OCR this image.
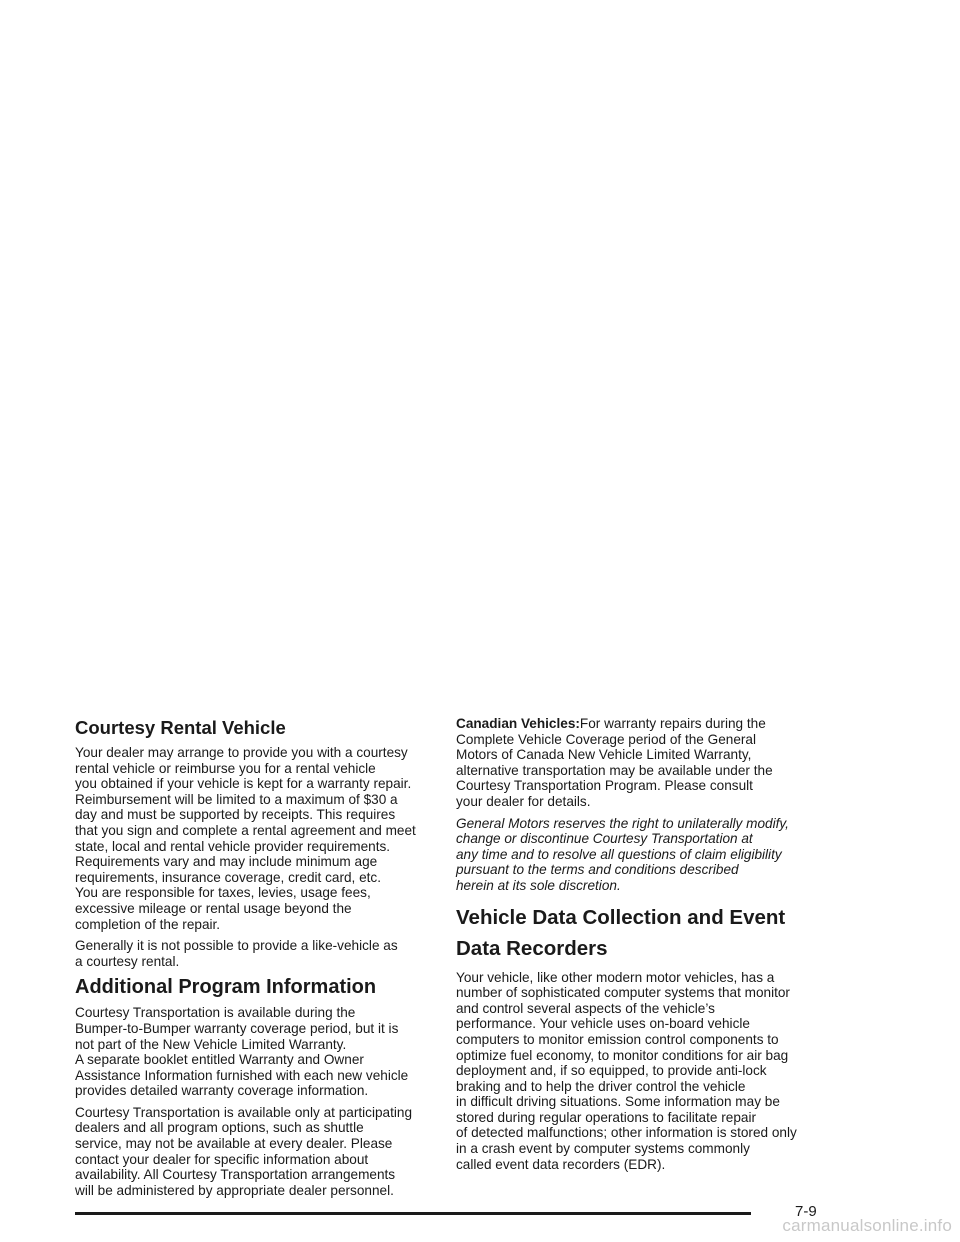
Courtesy Rental Vehicle

Your dealer may arrange to provide you with a courtesy
rental vehicle or reimburse you for a rental vehicle
you obtained if your vehicle is kept for a warranty repair.
Reimbursement will be limited to a maximum of $30 a
day and must be supported by receipts. This requires
that you sign and complete a rental agreement and meet
state, local and rental vehicle provider requirements.
Requirements vary and may include minimum age
requirements, insurance coverage, credit card, etc.
You are responsible for taxes, levies, usage fees,
excessive mileage or rental usage beyond the
completion of the repair.

Generally it is not possible to provide a like-vehicle as
a courtesy rental.

Additional Program Information

Courtesy Transportation is available during the
Bumper-to-Bumper warranty coverage period, but it is
not part of the New Vehicle Limited Warranty.
A separate booklet entitled Warranty and Owner
Assistance Information furnished with each new vehicle
provides detailed warranty coverage information.

Courtesy Transportation is available only at participating
dealers and all program options, such as shuttle
service, may not be available at every dealer. Please
contact your dealer for specific information about
availability. All Courtesy Transportation arrangements
will be administered by appropriate dealer personnel.

Canadian Vehicles:For warranty repairs during the
Complete Vehicle Coverage period of the General
Motors of Canada New Vehicle Limited Warranty,
alternative transportation may be available under the
Courtesy Transportation Program. Please consult
your dealer for details.

General Motors reserves the right to unilaterally modify,
change or discontinue Courtesy Transportation at
any time and to resolve all questions of claim eligibility
pursuant to the terms and conditions described
herein at its sole discretion.

Vehicle Data Collection and Event
Data Recorders

Your vehicle, like other modern motor vehicles, has a
number of sophisticated computer systems that monitor
and control several aspects of the vehicle’s
performance. Your vehicle uses on-board vehicle
computers to monitor emission control components to
optimize fuel economy, to monitor conditions for air bag
deployment and, if so equipped, to provide anti-lock
braking and to help the driver control the vehicle
in difficult driving situations. Some information may be
stored during regular operations to facilitate repair
of detected malfunctions; other information is stored only
in a crash event by computer systems commonly
called event data recorders (EDR).

7-9
carmanualsonline.info
